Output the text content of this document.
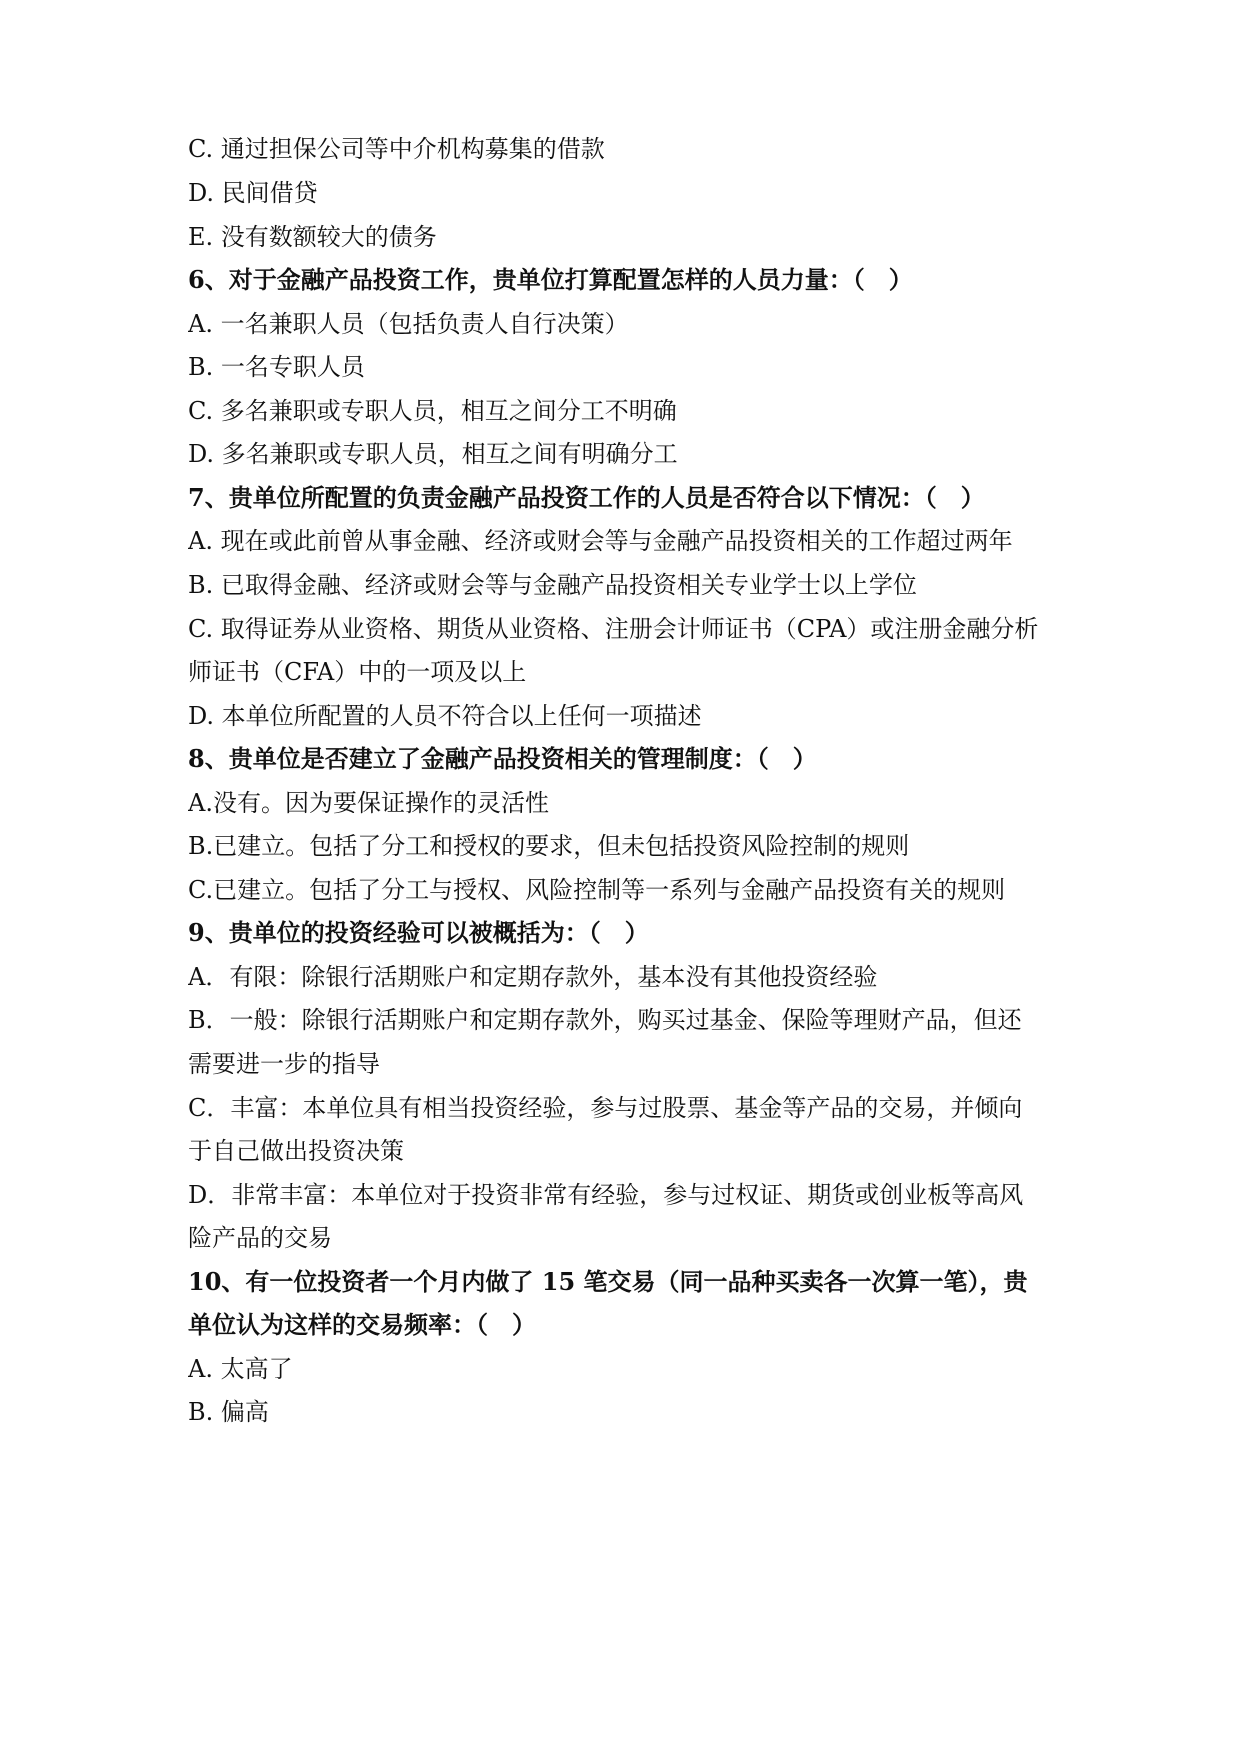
C. 通过担保公司等中介机构募集的借款
D. 民间借贷
E. 没有数额较大的债务
6、对于金融产品投资工作，贵单位打算配置怎样的人员力量：（　）
A. 一名兼职人员（包括负责人自行决策）
B. 一名专职人员
C. 多名兼职或专职人员，相互之间分工不明确
D. 多名兼职或专职人员，相互之间有明确分工
7、贵单位所配置的负责金融产品投资工作的人员是否符合以下情况：（　）
A. 现在或此前曾从事金融、经济或财会等与金融产品投资相关的工作超过两年
B. 已取得金融、经济或财会等与金融产品投资相关专业学士以上学位
C. 取得证券从业资格、期货从业资格、注册会计师证书（CPA）或注册金融分析
师证书（CFA）中的一项及以上
D. 本单位所配置的人员不符合以上任何一项描述
8、贵单位是否建立了金融产品投资相关的管理制度：（　）
A.没有。因为要保证操作的灵活性
B.已建立。包括了分工和授权的要求，但未包括投资风险控制的规则
C.已建立。包括了分工与授权、风险控制等一系列与金融产品投资有关的规则
9、贵单位的投资经验可以被概括为：（　）
A．有限：除银行活期账户和定期存款外，基本没有其他投资经验
B．一般：除银行活期账户和定期存款外，购买过基金、保险等理财产品，但还
需要进一步的指导
C．丰富：本单位具有相当投资经验，参与过股票、基金等产品的交易，并倾向
于自己做出投资决策
D．非常丰富：本单位对于投资非常有经验，参与过权证、期货或创业板等高风
险产品的交易
10、有一位投资者一个月内做了 15 笔交易（同一品种买卖各一次算一笔），贵
单位认为这样的交易频率：（　）
A. 太高了
B. 偏高
